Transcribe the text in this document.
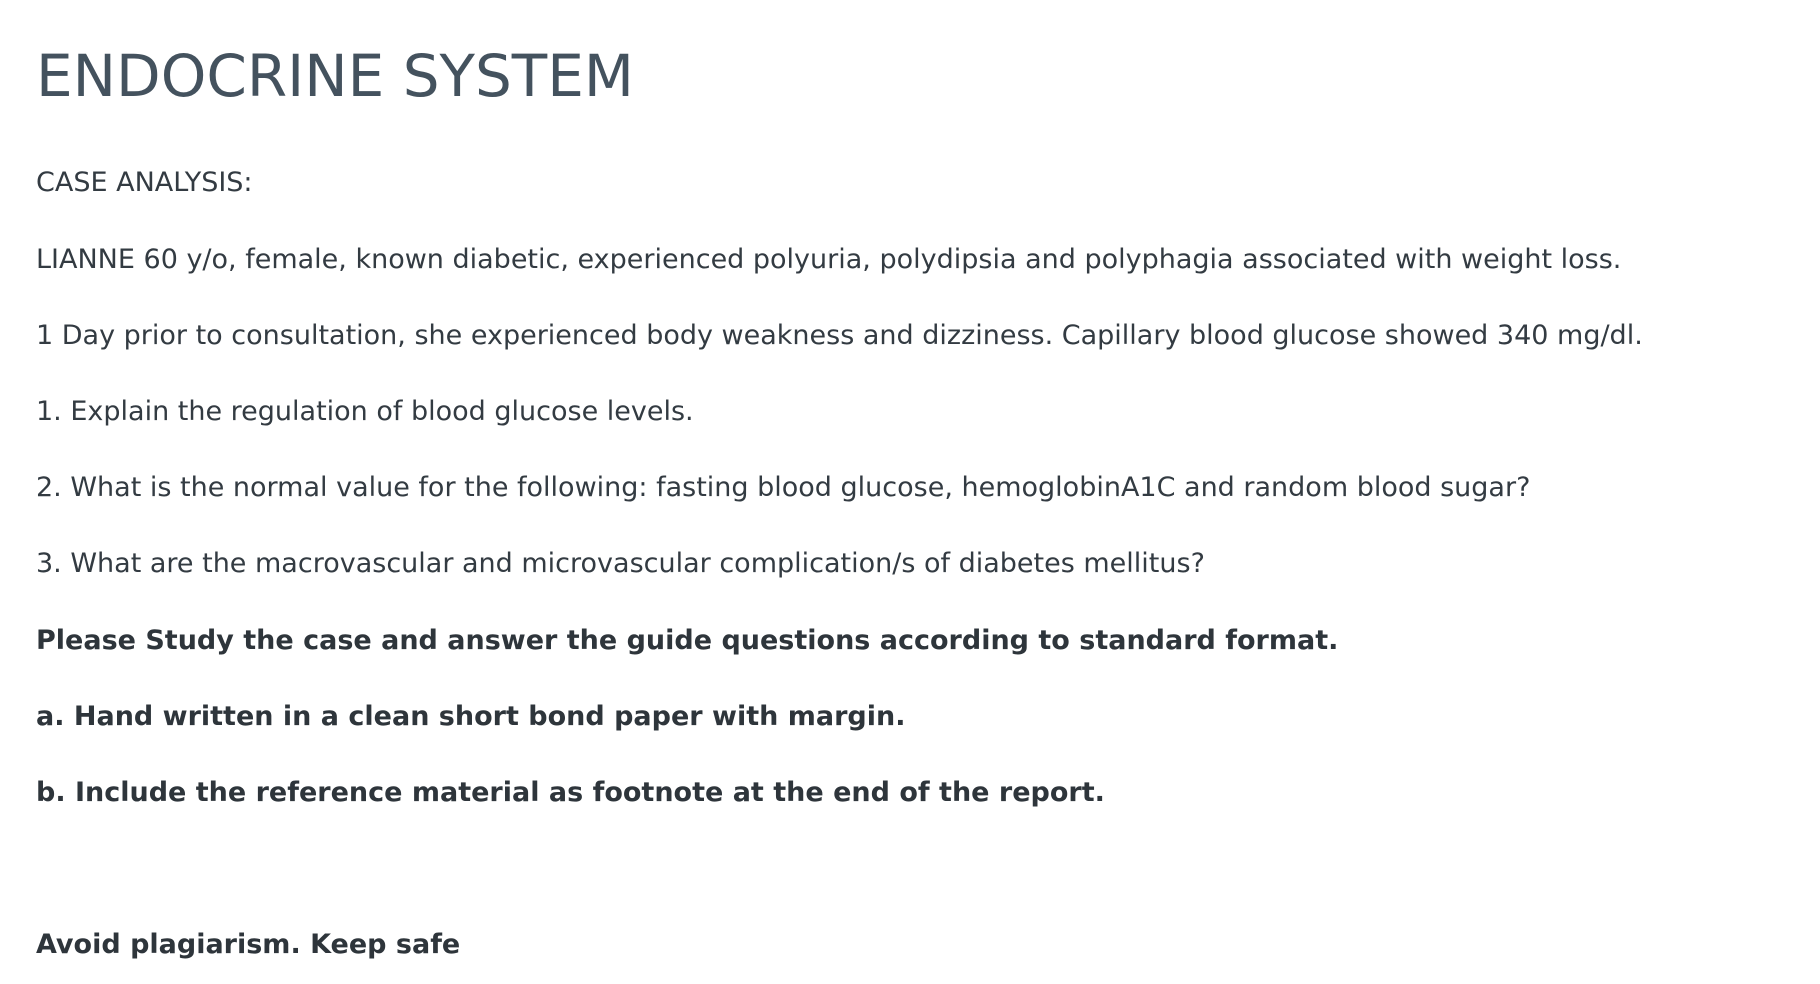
ENDOCRINE SYSTEM

CASE ANALYSIS:

LIANNE 60 y/o, female, known diabetic, experienced polyuria, polydipsia and polyphagia associated with weight loss.

1 Day prior to consultation, she experienced body weakness and dizziness. Capillary blood glucose showed 340 mg/dl.

1. Explain the regulation of blood glucose levels.

2. What is the normal value for the following: fasting blood glucose, hemoglobinA1C and random blood sugar?

3. What are the macrovascular and microvascular complication/s of diabetes mellitus?

Please Study the case and answer the guide questions according to standard format.

a. Hand written in a clean short bond paper with margin.

b. Include the reference material as footnote at the end of the report.

Avoid plagiarism. Keep safe
